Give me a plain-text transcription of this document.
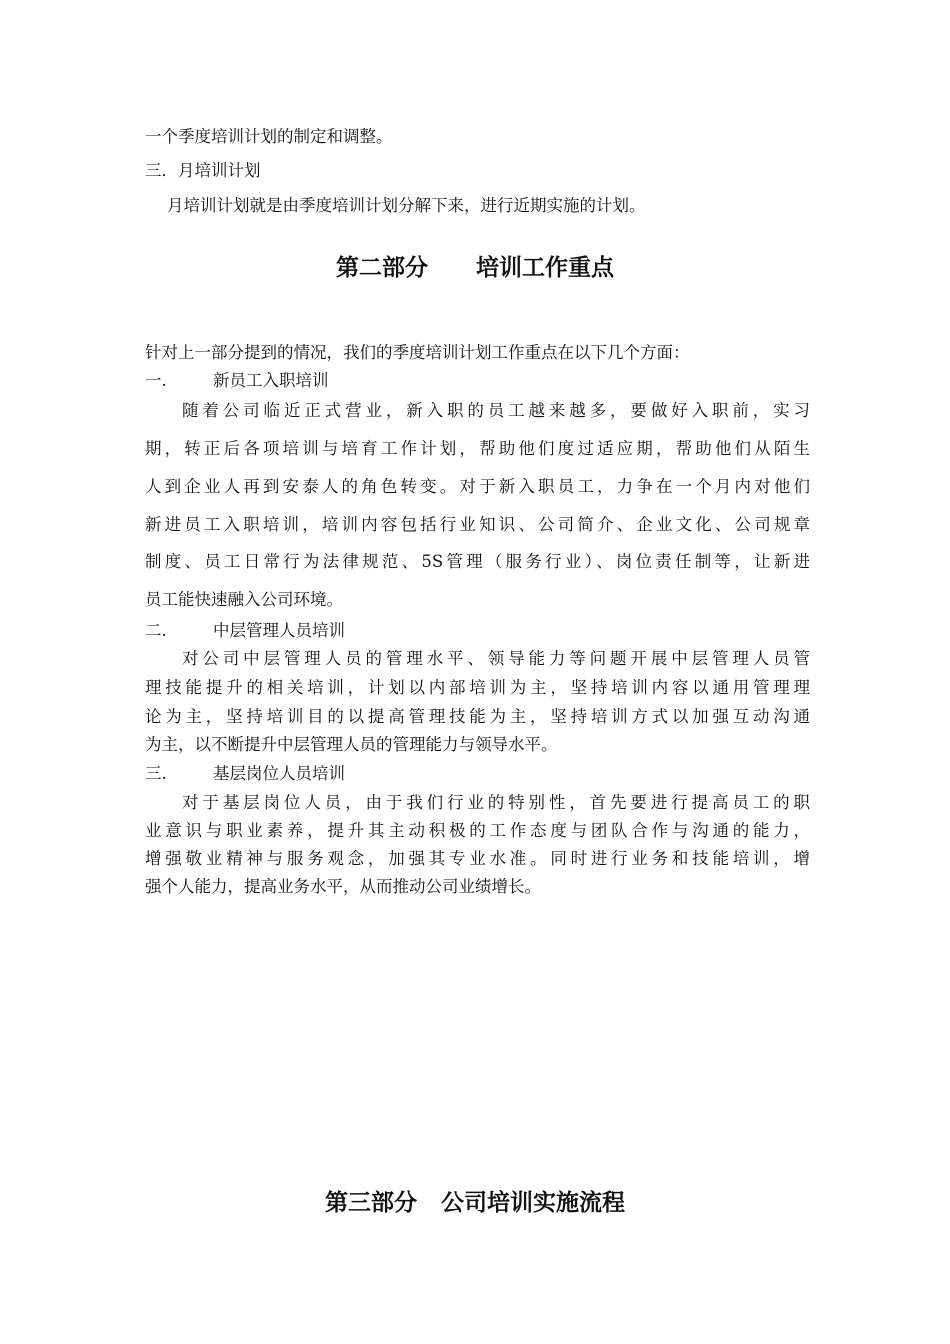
一个季度培训计划的制定和调整。
三．月培训计划
月培训计划就是由季度培训计划分解下来，进行近期实施的计划。
第二部分 培训工作重点
针对上一部分提到的情况，我们的季度培训计划工作重点在以下几个方面：
一.	新员工入职培训
随着公司临近正式营业，新入职的员工越来越多，要做好入职前，实习
期，转正后各项培训与培育工作计划，帮助他们度过适应期，帮助他们从陌生
人到企业人再到安泰人的角色转变。对于新入职员工，力争在一个月内对他们
新进员工入职培训，培训内容包括行业知识、公司简介、企业文化、公司规章
制度、员工日常行为法律规范、5S管理（服务行业）、岗位责任制等，让新进
员工能快速融入公司环境。
二.	中层管理人员培训
对公司中层管理人员的管理水平、领导能力等问题开展中层管理人员管
理技能提升的相关培训，计划以内部培训为主，坚持培训内容以通用管理理
论为主，坚持培训目的以提高管理技能为主，坚持培训方式以加强互动沟通
为主，以不断提升中层管理人员的管理能力与领导水平。
三.	基层岗位人员培训
对于基层岗位人员，由于我们行业的特别性，首先要进行提高员工的职
业意识与职业素养，提升其主动积极的工作态度与团队合作与沟通的能力，
增强敬业精神与服务观念，加强其专业水准。同时进行业务和技能培训，增
强个人能力，提高业务水平，从而推动公司业绩增长。
第三部分 公司培训实施流程
